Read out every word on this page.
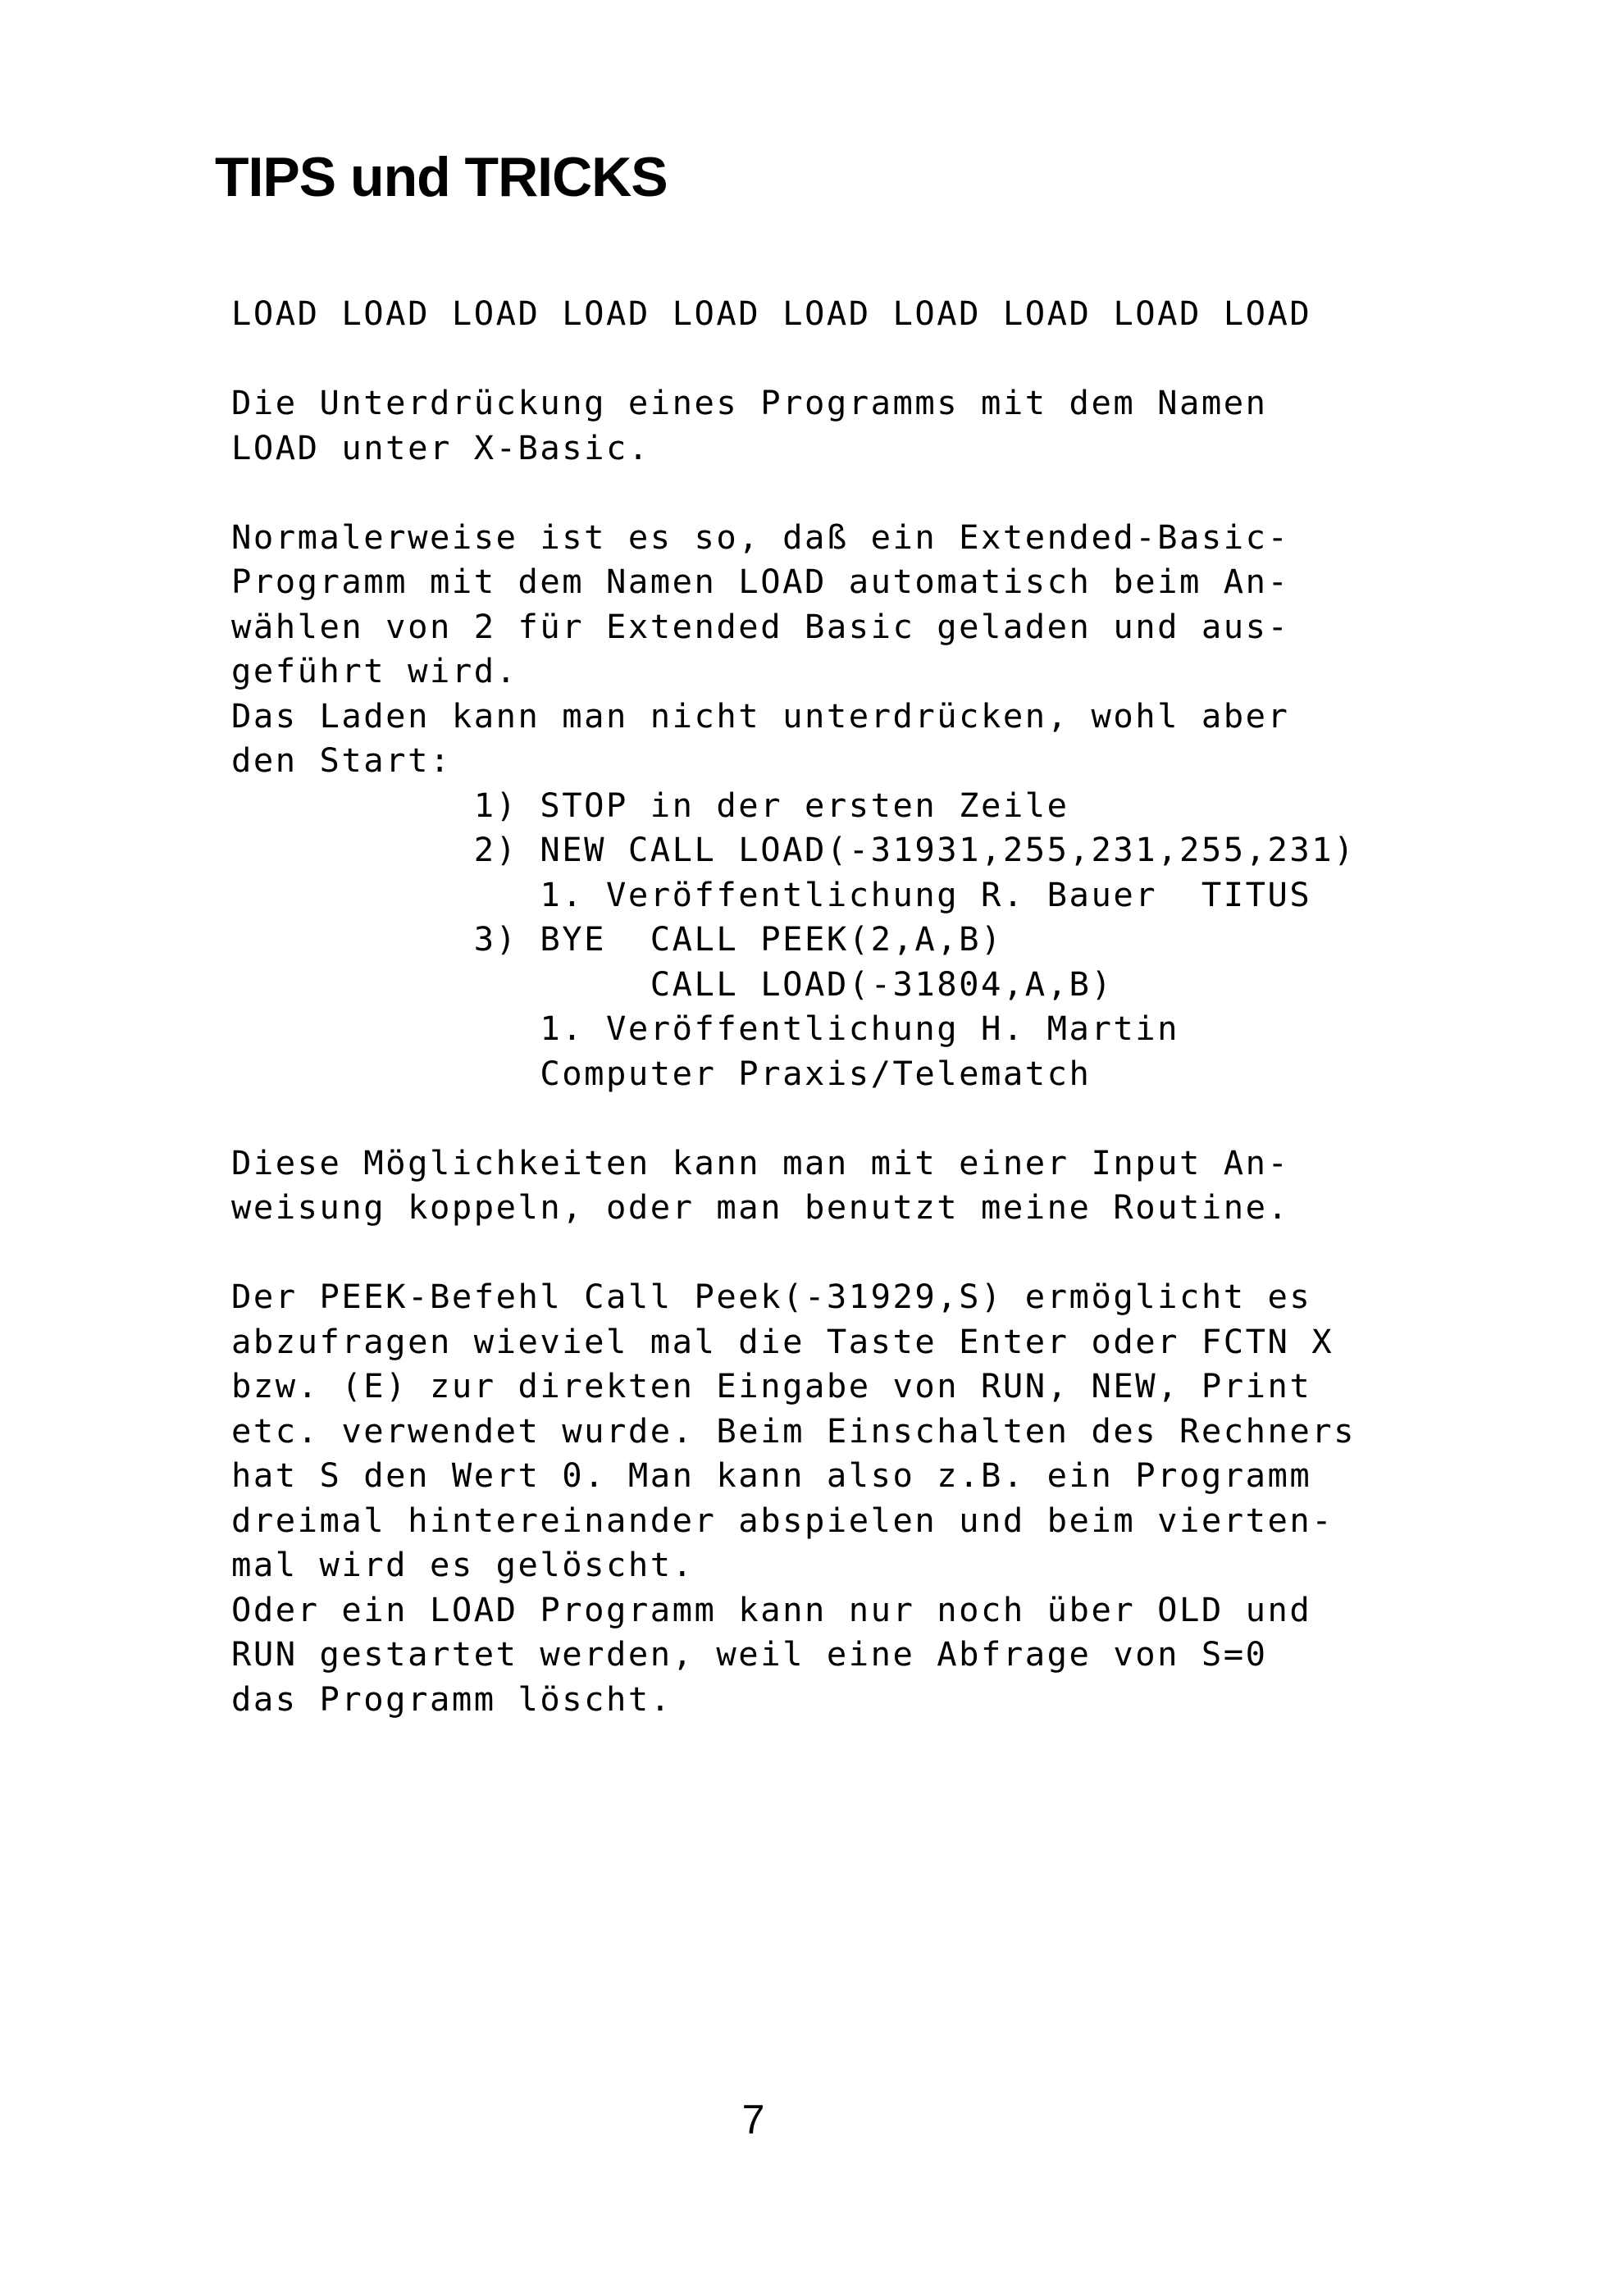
TIPS und TRICKS
LOAD LOAD LOAD LOAD LOAD LOAD LOAD LOAD LOAD LOAD
Die Unterdrückung eines Programms mit dem Namen
LOAD unter X-Basic.
Normalerweise ist es so, daß ein Extended-Basic-
Programm mit dem Namen LOAD automatisch beim An-
wählen von 2 für Extended Basic geladen und aus-
geführt wird.
Das Laden kann man nicht unterdrücken, wohl aber
den Start:
1) STOP in der ersten Zeile
2) NEW CALL LOAD(-31931,255,231,255,231)
1. Veröffentlichung R. Bauer  TITUS
3) BYE  CALL PEEK(2,A,B)
CALL LOAD(-31804,A,B)
1. Veröffentlichung H. Martin
Computer Praxis/Telematch
Diese Möglichkeiten kann man mit einer Input An-
weisung koppeln, oder man benutzt meine Routine.
Der PEEK-Befehl Call Peek(-31929,S) ermöglicht es
abzufragen wieviel mal die Taste Enter oder FCTN X
bzw. (E) zur direkten Eingabe von RUN, NEW, Print
etc. verwendet wurde. Beim Einschalten des Rechners
hat S den Wert 0. Man kann also z.B. ein Programm
dreimal hintereinander abspielen und beim vierten-
mal wird es gelöscht.
Oder ein LOAD Programm kann nur noch über OLD und
RUN gestartet werden, weil eine Abfrage von S=0
das Programm löscht.
7
